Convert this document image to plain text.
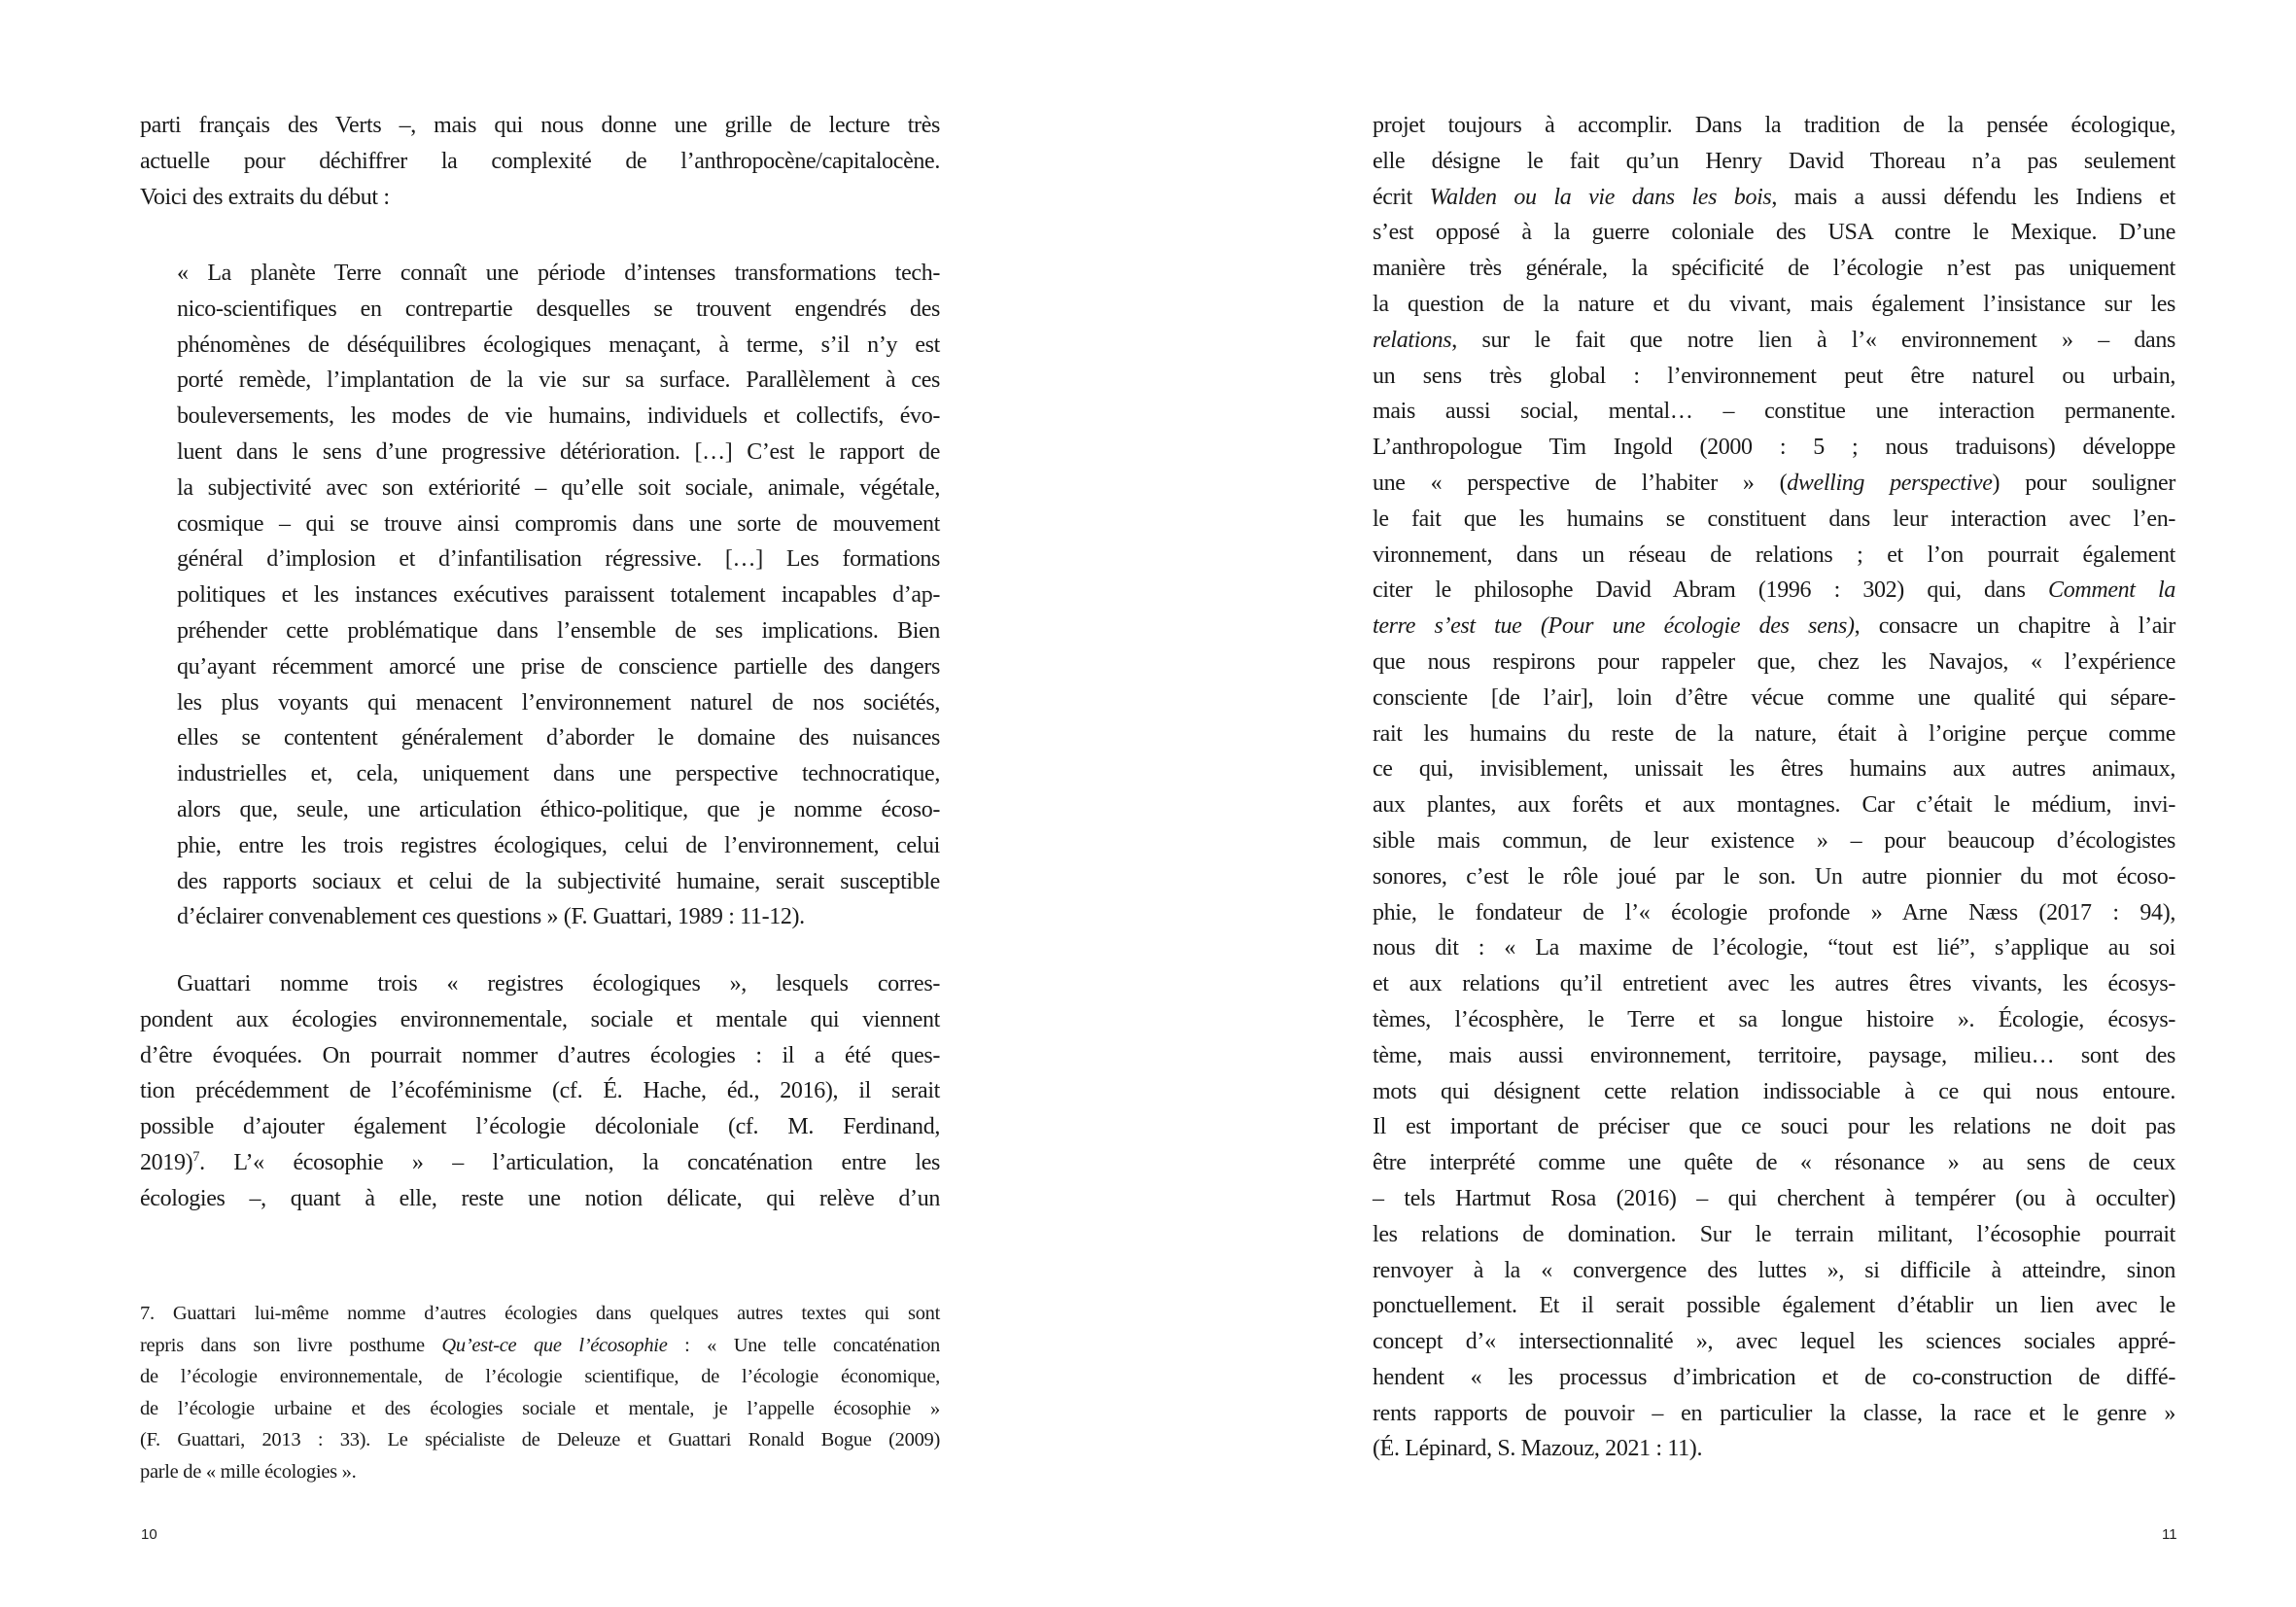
parti français des Verts –, mais qui nous donne une grille de lecture très
actuelle pour déchiffrer la complexité de l’anthropocène/capitalocène.
Voici des extraits du début :
« La planète Terre connaît une période d’intenses transformations tech-
nico-scientifiques en contrepartie desquelles se trouvent engendrés des
phénomènes de déséquilibres écologiques menaçant, à terme, s’il n’y est
porté remède, l’implantation de la vie sur sa surface. Parallèlement à ces
bouleversements, les modes de vie humains, individuels et collectifs, évo-
luent dans le sens d’une progressive détérioration. […] C’est le rapport de
la subjectivité avec son extériorité – qu’elle soit sociale, animale, végétale,
cosmique – qui se trouve ainsi compromis dans une sorte de mouvement
général d’implosion et d’infantilisation régressive. […] Les formations
politiques et les instances exécutives paraissent totalement incapables d’ap-
préhender cette problématique dans l’ensemble de ses implications. Bien
qu’ayant récemment amorcé une prise de conscience partielle des dangers
les plus voyants qui menacent l’environnement naturel de nos sociétés,
elles se contentent généralement d’aborder le domaine des nuisances
industrielles et, cela, uniquement dans une perspective technocratique,
alors que, seule, une articulation éthico-politique, que je nomme écoso-
phie, entre les trois registres écologiques, celui de l’environnement, celui
des rapports sociaux et celui de la subjectivité humaine, serait susceptible
d’éclairer convenablement ces questions » (F. Guattari, 1989 : 11-12).
Guattari nomme trois « registres écologiques », lesquels corres-
pondent aux écologies environnementale, sociale et mentale qui viennent
d’être évoquées. On pourrait nommer d’autres écologies : il a été ques-
tion précédemment de l’écoféminisme (cf. É. Hache, éd., 2016), il serait
possible d’ajouter également l’écologie décoloniale (cf. M. Ferdinand,
2019)$^7$. L’« écosophie » – l’articulation, la concaténation entre les
écologies –, quant à elle, reste une notion délicate, qui relève d’un
7. Guattari lui-même nomme d’autres écologies dans quelques autres textes qui sont
repris dans son livre posthume Qu’est-ce que l’écosophie : « Une telle concaténation
de l’écologie environnementale, de l’écologie scientifique, de l’écologie économique,
de l’écologie urbaine et des écologies sociale et mentale, je l’appelle écosophie »
(F. Guattari, 2013 : 33). Le spécialiste de Deleuze et Guattari Ronald Bogue (2009)
parle de « mille écologies ».
10
projet toujours à accomplir. Dans la tradition de la pensée écologique,
elle désigne le fait qu’un Henry David Thoreau n’a pas seulement
écrit Walden ou la vie dans les bois, mais a aussi défendu les Indiens et
s’est opposé à la guerre coloniale des USA contre le Mexique. D’une
manière très générale, la spécificité de l’écologie n’est pas uniquement
la question de la nature et du vivant, mais également l’insistance sur les
relations, sur le fait que notre lien à l’« environnement » – dans
un sens très global : l’environnement peut être naturel ou urbain,
mais aussi social, mental… – constitue une interaction permanente.
L’anthropologue Tim Ingold (2000 : 5 ; nous traduisons) développe
une « perspective de l’habiter » (dwelling perspective) pour souligner
le fait que les humains se constituent dans leur interaction avec l’en-
vironnement, dans un réseau de relations ; et l’on pourrait également
citer le philosophe David Abram (1996 : 302) qui, dans Comment la
terre s’est tue (Pour une écologie des sens), consacre un chapitre à l’air
que nous respirons pour rappeler que, chez les Navajos, « l’expérience
consciente [de l’air], loin d’être vécue comme une qualité qui sépare-
rait les humains du reste de la nature, était à l’origine perçue comme
ce qui, invisiblement, unissait les êtres humains aux autres animaux,
aux plantes, aux forêts et aux montagnes. Car c’était le médium, invi-
sible mais commun, de leur existence » – pour beaucoup d’écologistes
sonores, c’est le rôle joué par le son. Un autre pionnier du mot écoso-
phie, le fondateur de l’« écologie profonde » Arne Næss (2017 : 94),
nous dit : « La maxime de l’écologie, “tout est lié”, s’applique au soi
et aux relations qu’il entretient avec les autres êtres vivants, les écosys-
tèmes, l’écosphère, le Terre et sa longue histoire ». Écologie, écosys-
tème, mais aussi environnement, territoire, paysage, milieu… sont des
mots qui désignent cette relation indissociable à ce qui nous entoure.
Il est important de préciser que ce souci pour les relations ne doit pas
être interprété comme une quête de « résonance » au sens de ceux
– tels Hartmut Rosa (2016) – qui cherchent à tempérer (ou à occulter)
les relations de domination. Sur le terrain militant, l’écosophie pourrait
renvoyer à la « convergence des luttes », si difficile à atteindre, sinon
ponctuellement. Et il serait possible également d’établir un lien avec le
concept d’« intersectionnalité », avec lequel les sciences sociales appré-
hendent « les processus d’imbrication et de co-construction de diffé-
rents rapports de pouvoir – en particulier la classe, la race et le genre »
(É. Lépinard, S. Mazouz, 2021 : 11).
11
